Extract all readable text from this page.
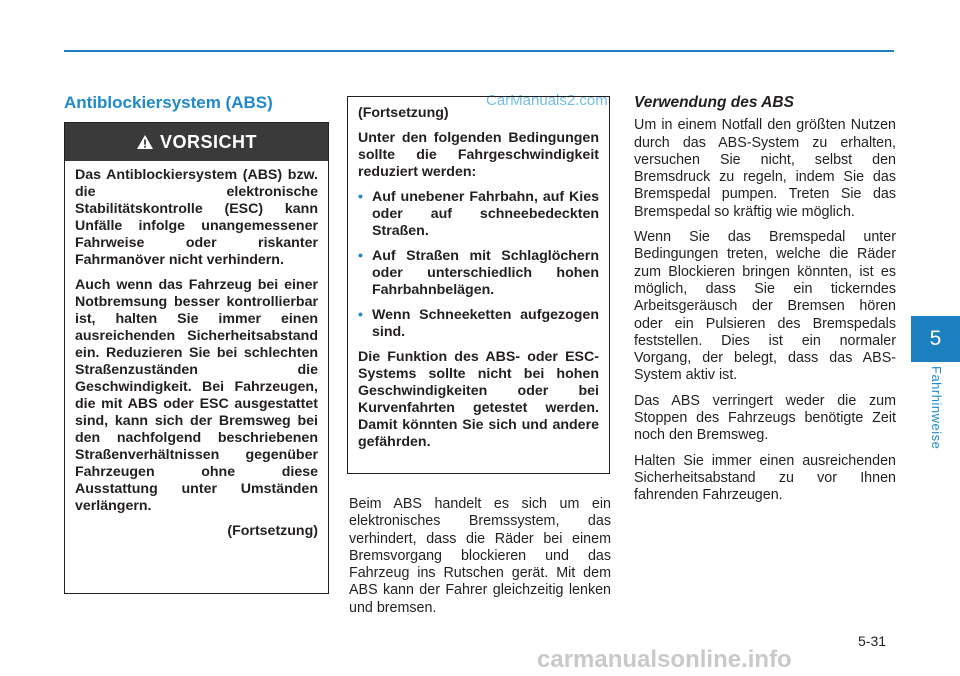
Antiblockiersystem (ABS)	CarManuals2.com
VORSICHT

Das Antiblockiersystem (ABS) bzw. die elektronische Stabilitätskontrolle (ESC) kann Unfälle infolge unangemessener Fahrweise oder riskanter Fahrmanöver nicht verhindern.

Auch wenn das Fahrzeug bei einer Notbremsung besser kontrollierbar ist, halten Sie immer einen ausreichenden Sicherheitsabstand ein. Reduzieren Sie bei schlechten Straßenzuständen die Geschwindigkeit. Bei Fahrzeugen, die mit ABS oder ESC ausgestattet sind, kann sich der Bremsweg bei den nachfolgend beschriebenen Straßenverhältnissen gegenüber Fahrzeugen ohne diese Ausstattung unter Umständen verlängern.

(Fortsetzung)

(Fortsetzung)

Unter den folgenden Bedingungen sollte die Fahrgeschwindigkeit reduziert werden:

• Auf unebener Fahrbahn, auf Kies oder auf schneebedeckten Straßen.
• Auf Straßen mit Schlaglöchern oder unterschiedlich hohen Fahrbahnbelägen.
• Wenn Schneeketten aufgezogen sind.

Die Funktion des ABS- oder ESC-Systems sollte nicht bei hohen Geschwindigkeiten oder bei Kurvenfahrten getestet werden. Damit könnten Sie sich und andere gefährden.

Beim ABS handelt es sich um ein elektronisches Bremssystem, das verhindert, dass die Räder bei einem Bremsvorgang blockieren und das Fahrzeug ins Rutschen gerät. Mit dem ABS kann der Fahrer gleichzeitig lenken und bremsen.

Verwendung des ABS

Um in einem Notfall den größten Nutzen durch das ABS-System zu erhalten, versuchen Sie nicht, selbst den Bremsdruck zu regeln, indem Sie das Bremspedal pumpen. Treten Sie das Bremspedal so kräftig wie möglich.

Wenn Sie das Bremspedal unter Bedingungen treten, welche die Räder zum Blockieren bringen könnten, ist es möglich, dass Sie ein tickerndes Arbeitsgeräusch der Bremsen hören oder ein Pulsieren des Bremspedals feststellen. Dies ist ein normaler Vorgang, der belegt, dass das ABS-System aktiv ist.

Das ABS verringert weder die zum Stoppen des Fahrzeugs benötigte Zeit noch den Bremsweg.

Halten Sie immer einen ausreichenden Sicherheitsabstand zu vor Ihnen fahrenden Fahrzeugen.

5
Fahrhinweise
5-31
carmanualsonline.info
